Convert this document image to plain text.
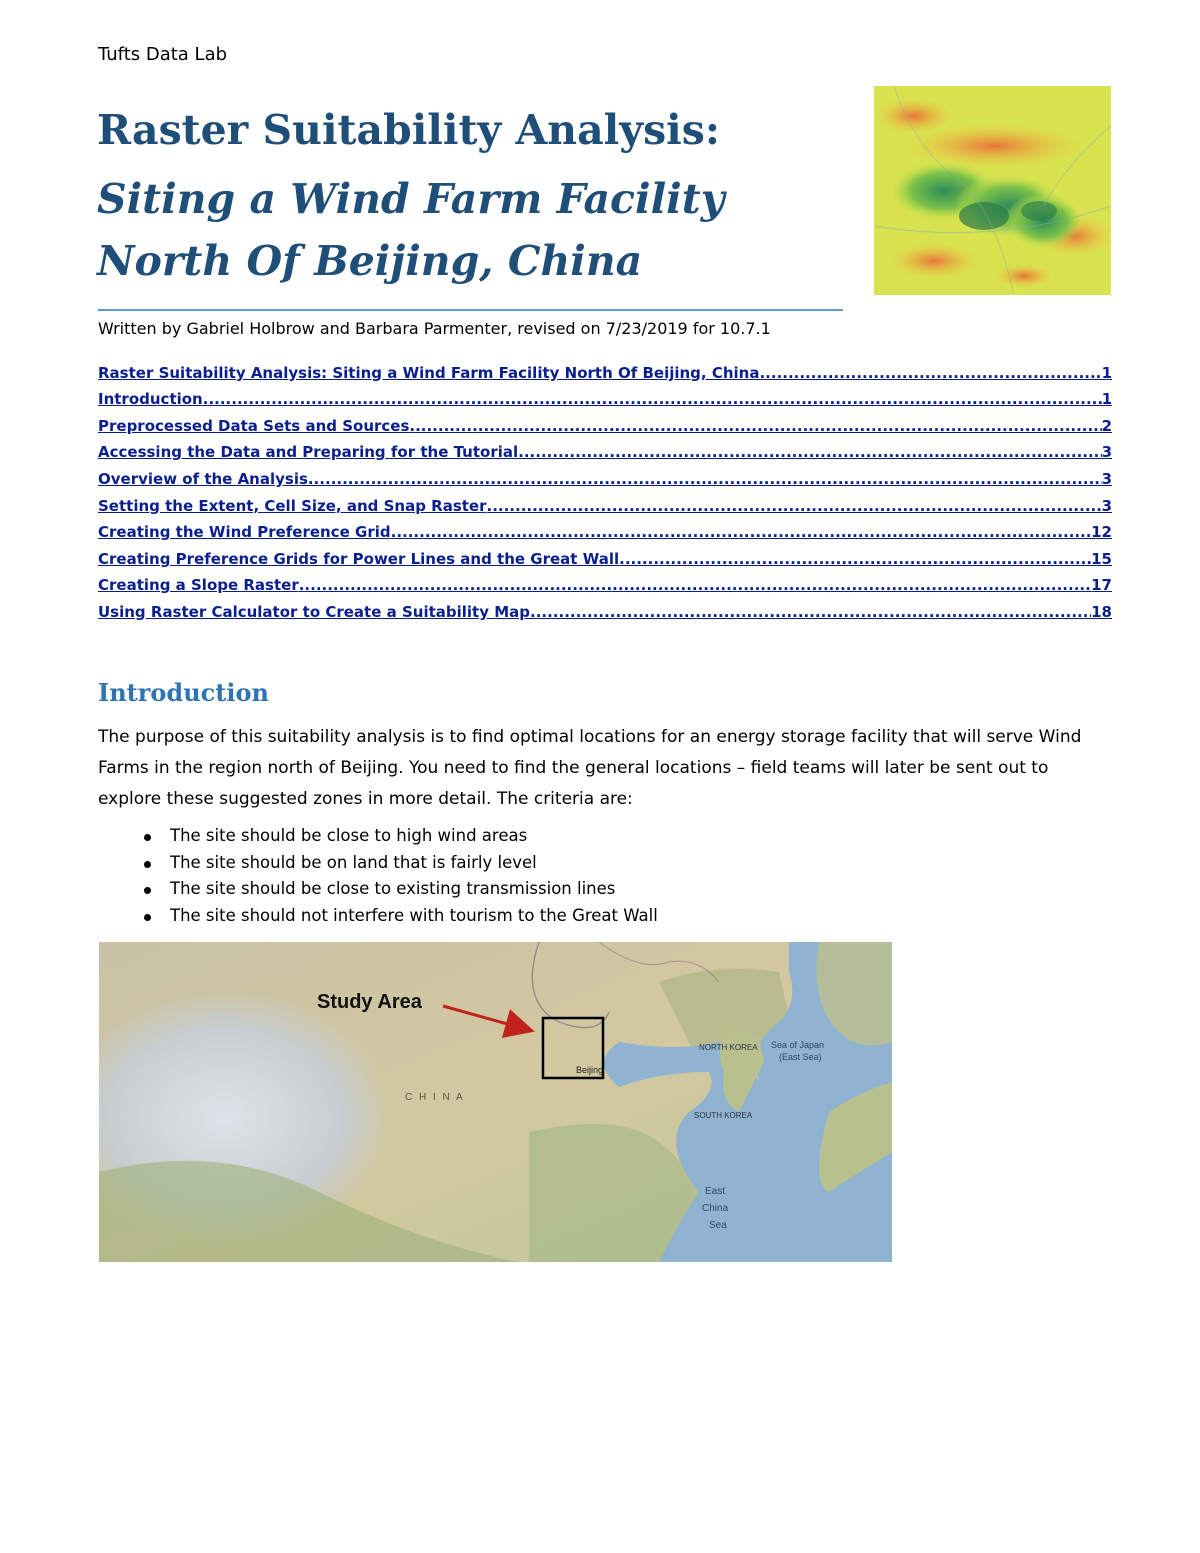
Tufts Data Lab
Raster Suitability Analysis:
Siting a Wind Farm Facility North Of Beijing, China
Written by Gabriel Holbrow and Barbara Parmenter, revised on 7/23/2019 for 10.7.1
Raster Suitability Analysis: Siting a Wind Farm Facility North Of Beijing, China .....	1
Introduction .....	1
Preprocessed Data Sets and Sources .....	2
Accessing the Data and Preparing for the Tutorial .....	3
Overview of the Analysis .....	3
Setting the Extent, Cell Size, and Snap Raster .....	3
Creating the Wind Preference Grid .....	12
Creating Preference Grids for Power Lines and the Great Wall .....	15
Creating a Slope Raster .....	17
Using Raster Calculator to Create a Suitability Map .....	18
Introduction

The purpose of this suitability analysis is to find optimal locations for an energy storage facility that will serve Wind Farms in the region north of Beijing. You need to find the general locations – field teams will later be sent out to explore these suggested zones in more detail. The criteria are:

The site should be close to high wind areas
The site should be on land that is fairly level
The site should be close to existing transmission lines
The site should not interfere with tourism to the Great Wall
Study Area
C H I N A
Beijing
NORTH KOREA
SOUTH KOREA
Sea of Japan
(East Sea)
East
China
Sea
